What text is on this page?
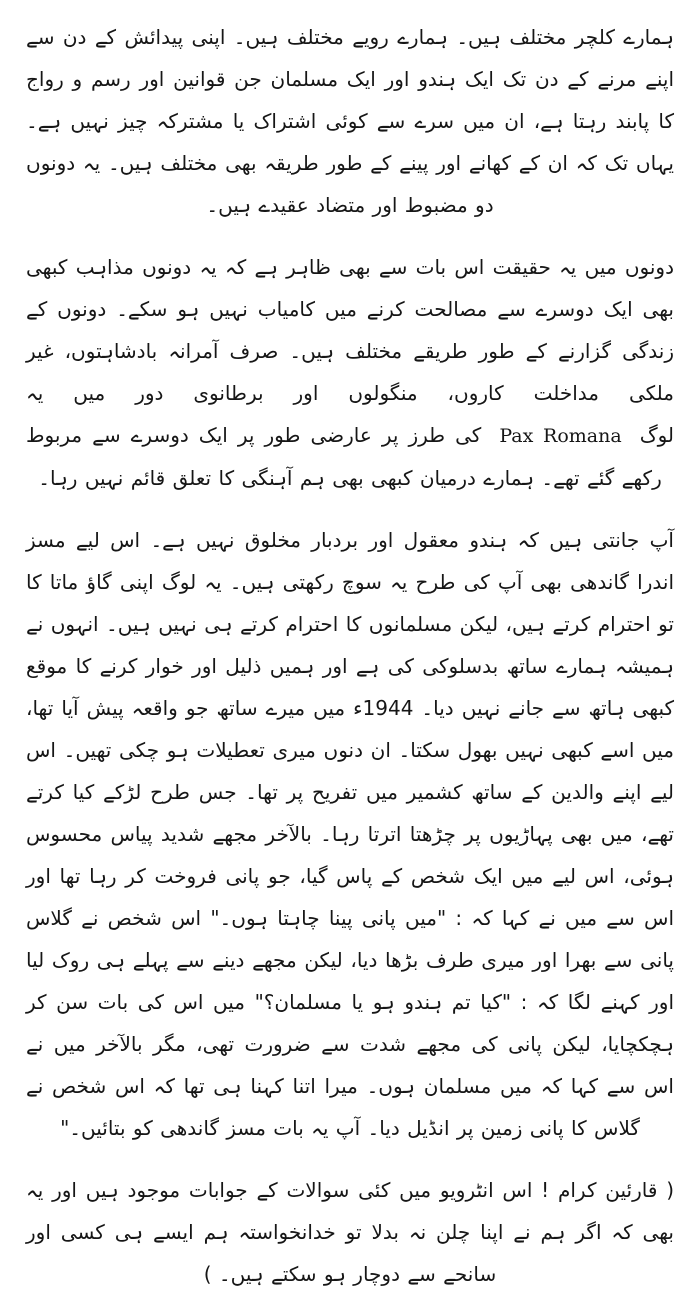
ہمارے کلچر مختلف ہیں۔ ہمارے رویے مختلف ہیں۔ اپنی پیدائش کے دن سے اپنے مرنے کے دن تک ایک ہندو اور ایک مسلمان جن قوانین اور رسم و رواج کا پابند رہتا ہے، ان میں سرے سے کوئی اشتراک یا مشترکہ چیز نہیں ہے۔ یہاں تک کہ ان کے کھانے اور پینے کے طور طریقہ بھی مختلف ہیں۔ یہ دونوں دو مضبوط اور متضاد عقیدے ہیں۔

دونوں میں یہ حقیقت اس بات سے بھی ظاہر ہے کہ یہ دونوں مذاہب کبھی بھی ایک دوسرے سے مصالحت کرنے میں کامیاب نہیں ہو سکے۔ دونوں کے زندگی گزارنے کے طور طریقے مختلف ہیں۔ صرف آمرانہ بادشاہتوں، غیر ملکی مداخلت کاروں، منگولوں اور برطانوی دور میں یہ لوگPax Romanaکی طرز پر عارضی طور پر ایک دوسرے سے مربوط رکھے گئے تھے۔ ہمارے درمیان کبھی بھی ہم آہنگی کا تعلق قائم نہیں رہا۔

آپ جانتی ہیں کہ ہندو معقول اور بردبار مخلوق نہیں ہے۔ اس لیے مسز اندرا گاندھی بھی آپ کی طرح یہ سوچ رکھتی ہیں۔ یہ لوگ اپنی گاؤ ماتا کا تو احترام کرتے ہیں، لیکن مسلمانوں کا احترام کرتے ہی نہیں ہیں۔ انہوں نے ہمیشہ ہمارے ساتھ بدسلوکی کی ہے اور ہمیں ذلیل اور خوار کرنے کا موقع کبھی ہاتھ سے جانے نہیں دیا۔ 1944ء میں میرے ساتھ جو واقعہ پیش آیا تھا، میں اسے کبھی نہیں بھول سکتا۔ ان دنوں میری تعطیلات ہو چکی تھیں۔ اس لیے اپنے والدین کے ساتھ کشمیر میں تفریح پر تھا۔ جس طرح لڑکے کیا کرتے تھے، میں بھی پہاڑیوں پر چڑھتا اترتا رہا۔ بالآخر مجھے شدید پیاس محسوس ہوئی، اس لیے میں ایک شخص کے پاس گیا، جو پانی فروخت کر رہا تھا اور اس سے میں نے کہا کہ : "میں پانی پینا چاہتا ہوں۔" اس شخص نے گلاس پانی سے بھرا اور میری طرف بڑھا دیا، لیکن مجھے دینے سے پہلے ہی روک لیا اور کہنے لگا کہ : "کیا تم ہندو ہو یا مسلمان؟" میں اس کی بات سن کر ہچکچایا، لیکن پانی کی مجھے شدت سے ضرورت تھی، مگر بالآخر میں نے اس سے کہا کہ میں مسلمان ہوں۔ میرا اتنا کہنا ہی تھا کہ اس شخص نے گلاس کا پانی زمین پر انڈیل دیا۔ آپ یہ بات مسز گاندھی کو بتائیں۔"

( قارئین کرام ! اس انٹرویو میں کئی سوالات کے جوابات موجود ہیں اور یہ بھی کہ اگر ہم نے اپنا چلن نہ بدلا تو خدانخواستہ ہم ایسے ہی کسی اور سانحے سے دوچار ہو سکتے ہیں۔ )
